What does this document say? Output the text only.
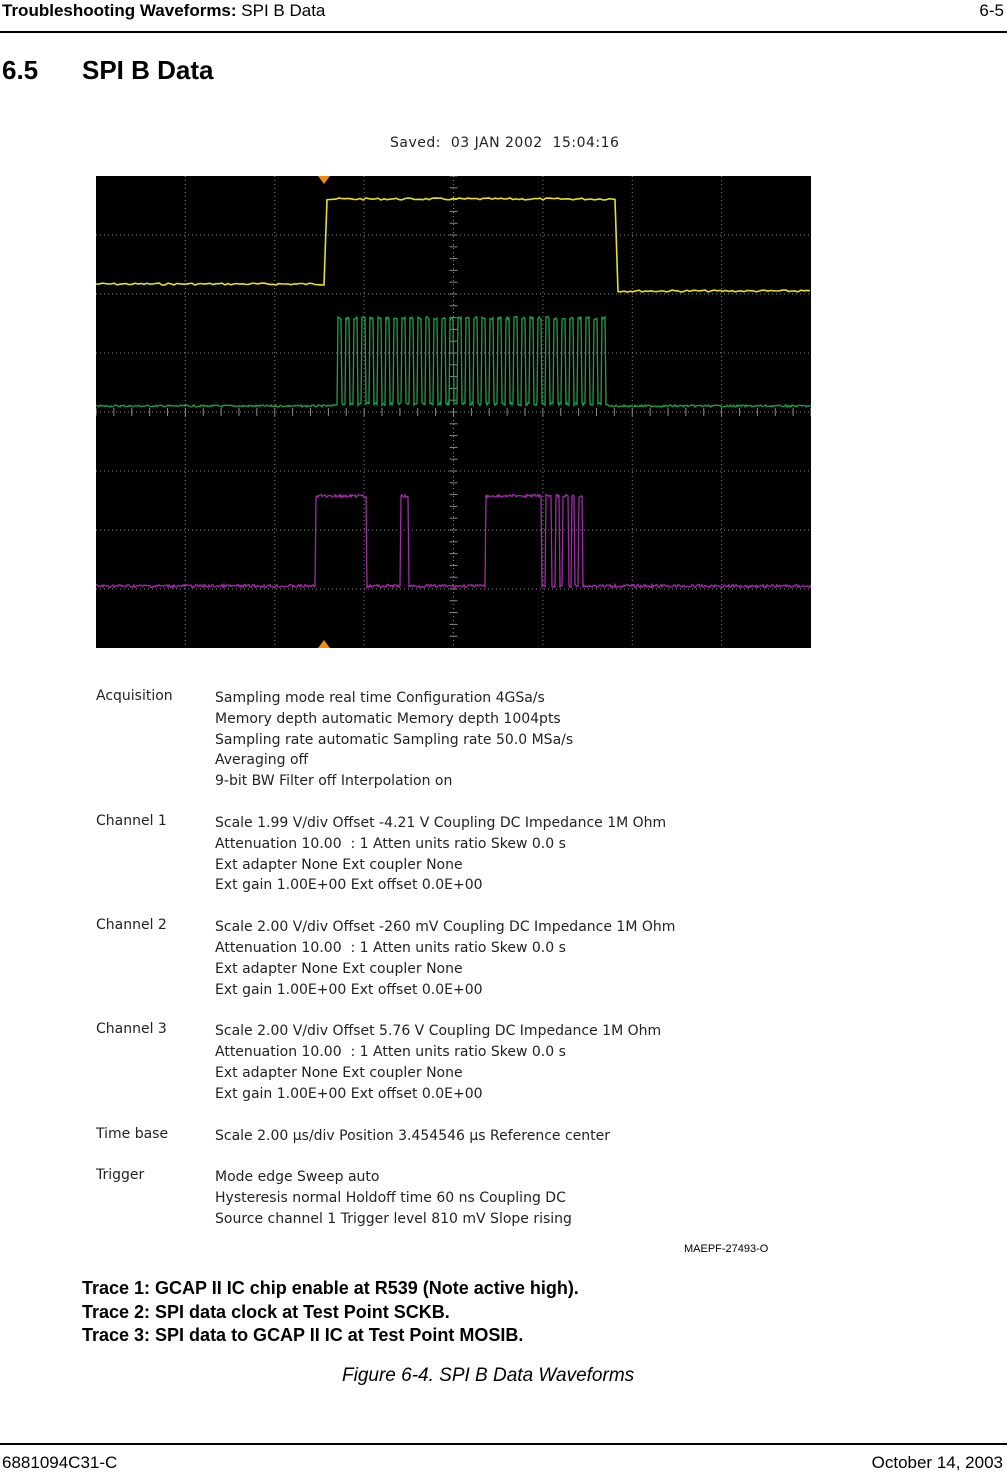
Troubleshooting Waveforms: SPI B Data	6-5
6.5 SPI B Data
Saved:  03 JAN 2002  15:04:16
Acquisition	Sampling mode real time Configuration 4GSa/s
Memory depth automatic Memory depth 1004pts
Sampling rate automatic Sampling rate 50.0 MSa/s
Averaging off
9-bit BW Filter off Interpolation on
Channel 1	Scale 1.99 V/div Offset -4.21 V Coupling DC Impedance 1M Ohm
Attenuation 10.00  : 1 Atten units ratio Skew 0.0 s
Ext adapter None Ext coupler None
Ext gain 1.00E+00 Ext offset 0.0E+00
Channel 2	Scale 2.00 V/div Offset -260 mV Coupling DC Impedance 1M Ohm
Attenuation 10.00  : 1 Atten units ratio Skew 0.0 s
Ext adapter None Ext coupler None
Ext gain 1.00E+00 Ext offset 0.0E+00
Channel 3	Scale 2.00 V/div Offset 5.76 V Coupling DC Impedance 1M Ohm
Attenuation 10.00  : 1 Atten units ratio Skew 0.0 s
Ext adapter None Ext coupler None
Ext gain 1.00E+00 Ext offset 0.0E+00
Time base	Scale 2.00 µs/div Position 3.454546 µs Reference center
Trigger	Mode edge Sweep auto
Hysteresis normal Holdoff time 60 ns Coupling DC
Source channel 1 Trigger level 810 mV Slope rising
MAEPF-27493-O
Trace 1: GCAP II IC chip enable at R539 (Note active high).
Trace 2: SPI data clock at Test Point SCKB.
Trace 3: SPI data to GCAP II IC at Test Point MOSIB.
Figure 6-4. SPI B Data Waveforms
6881094C31-C	October 14, 2003
